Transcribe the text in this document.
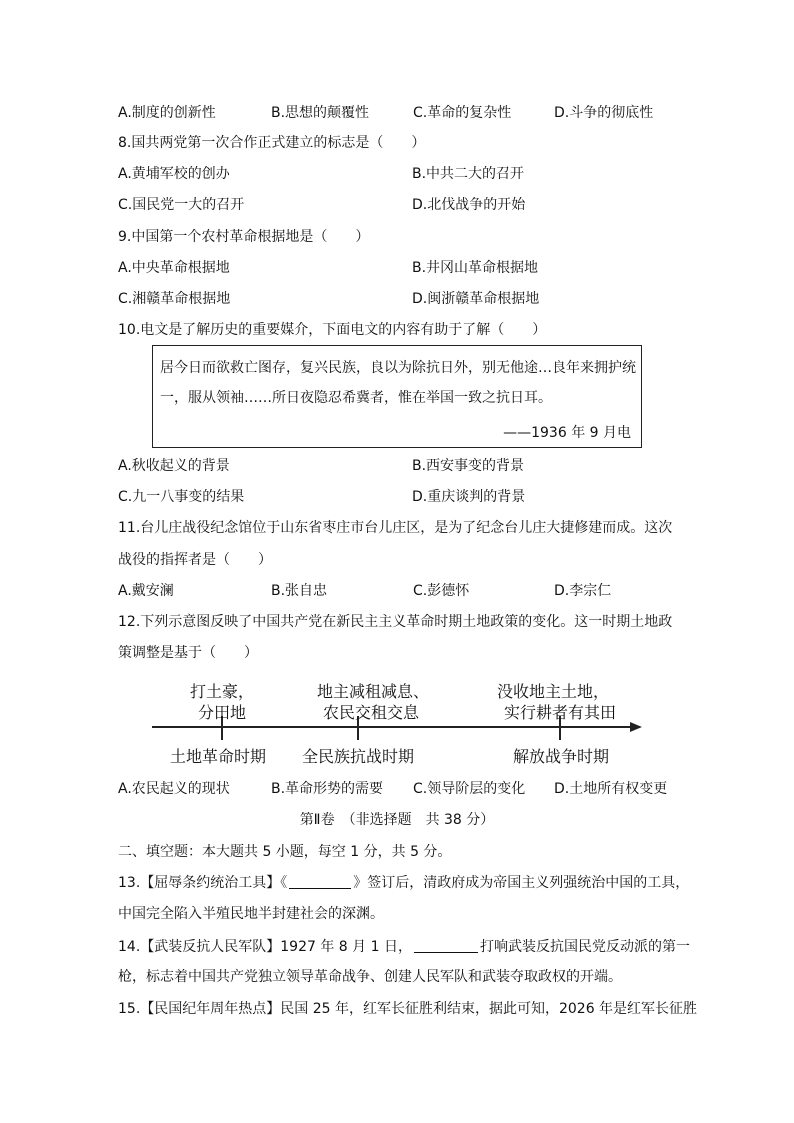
A.制度的创新性	B.思想的颠覆性	C.革命的复杂性	D.斗争的彻底性
8.国共两党第一次合作正式建立的标志是（　　）
A.黄埔军校的创办	B.中共二大的召开
C.国民党一大的召开	D.北伐战争的开始
9.中国第一个农村革命根据地是（　　）
A.中央革命根据地	B.井冈山革命根据地
C.湘赣革命根据地	D.闽浙赣革命根据地
10.电文是了解历史的重要媒介，下面电文的内容有助于了解（　　）
居今日而欲救亡图存，复兴民族，良以为除抗日外，别无他途…良年来拥护统
一，服从领袖……所日夜隐忍希冀者，惟在举国一致之抗日耳。
——1936 年 9 月电
A.秋收起义的背景	B.西安事变的背景
C.九一八事变的结果	D.重庆谈判的背景
11.台儿庄战役纪念馆位于山东省枣庄市台儿庄区，是为了纪念台儿庄大捷修建而成。这次
战役的指挥者是（　　）
A.戴安澜	B.张自忠	C.彭德怀	D.李宗仁
12.下列示意图反映了中国共产党在新民主主义革命时期土地政策的变化。这一时期土地政
策调整是基于（　　）
打土豪，
分田地
地主减租减息、
农民交租交息
没收地主土地，
实行耕者有其田
土地革命时期 全民族抗战时期	解放战争时期
A.农民起义的现状	B.革命形势的需要 C.领导阶层的变化 D.土地所有权变更
第Ⅱ卷　（非选择题　共 38 分）
二、填空题：本大题共 5 小题，每空 1 分，共 5 分。
13.【屈辱条约统治工具】《	》签订后，清政府成为帝国主义列强统治中国的工具，
中国完全陷入半殖民地半封建社会的深渊。
14.【武装反抗人民军队】1927 年 8 月 1 日，	打响武装反抗国民党反动派的第一
枪，标志着中国共产党独立领导革命战争、创建人民军队和武装夺取政权的开端。
15.【民国纪年周年热点】民国 25 年，红军长征胜利结束，据此可知，2026 年是红军长征胜
